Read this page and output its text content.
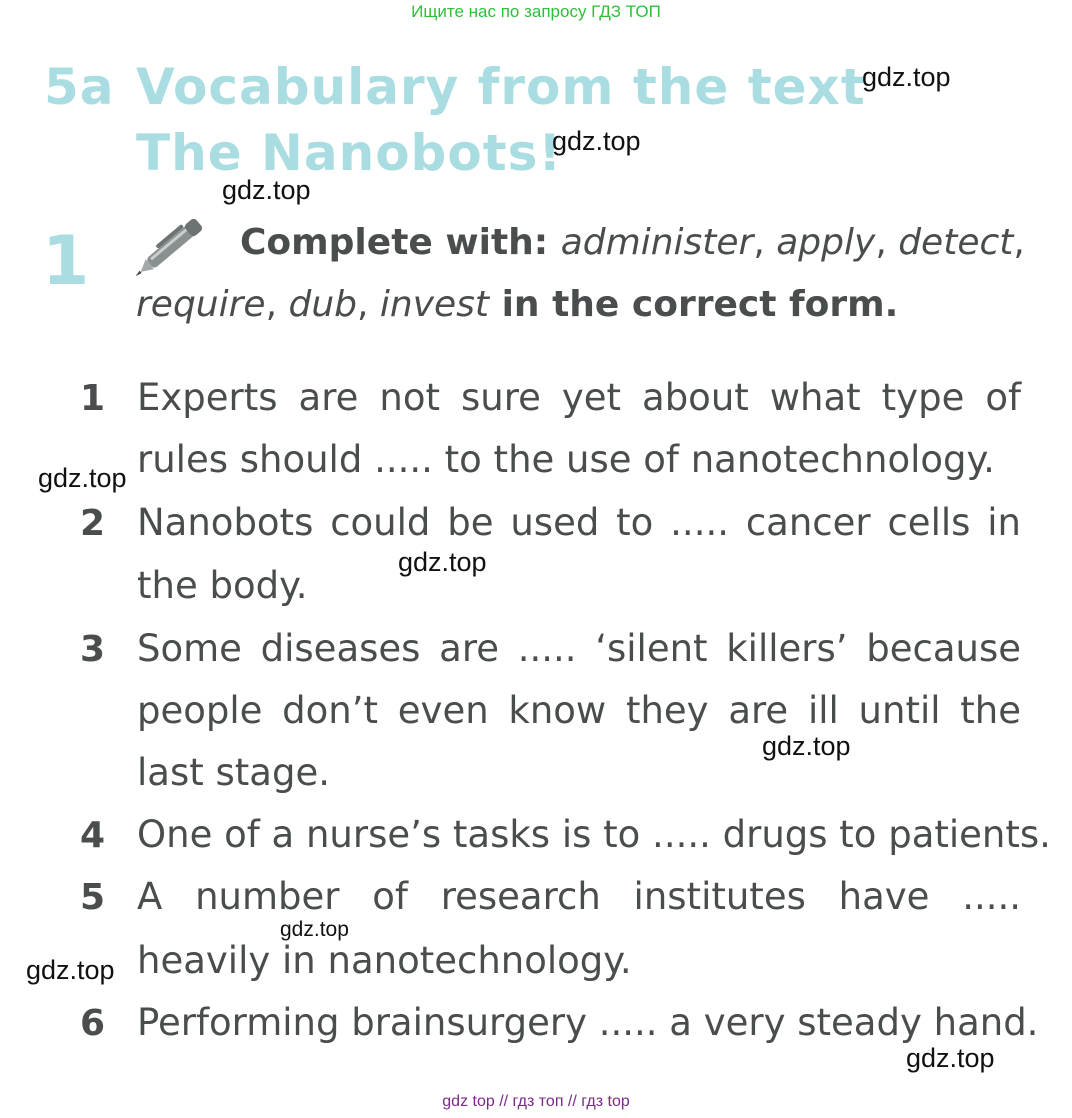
Ищите нас по запросу ГДЗ ТОП
5a Vocabulary from the text
The Nanobots!
1	Complete with: administer, apply, detect,
require, dub, invest in the correct form.
1 Experts are not sure yet about what type of
rules should ..... to the use of nanotechnology.
2 Nanobots could be used to ..... cancer cells in
the body.
3 Some diseases are ..... ‘silent killers’ because
people don’t even know they are ill until the
last stage.
4 One of a nurse’s tasks is to ..... drugs to patients.
5 A number of research institutes have .....
heavily in nanotechnology.
6 Performing brainsurgery ..... a very steady hand.
gdz.top
gdz.top
gdz.top
gdz.top
gdz.top
gdz.top
gdz.top
gdz.top
gdz.top
gdz top // гдз топ // гдз top
